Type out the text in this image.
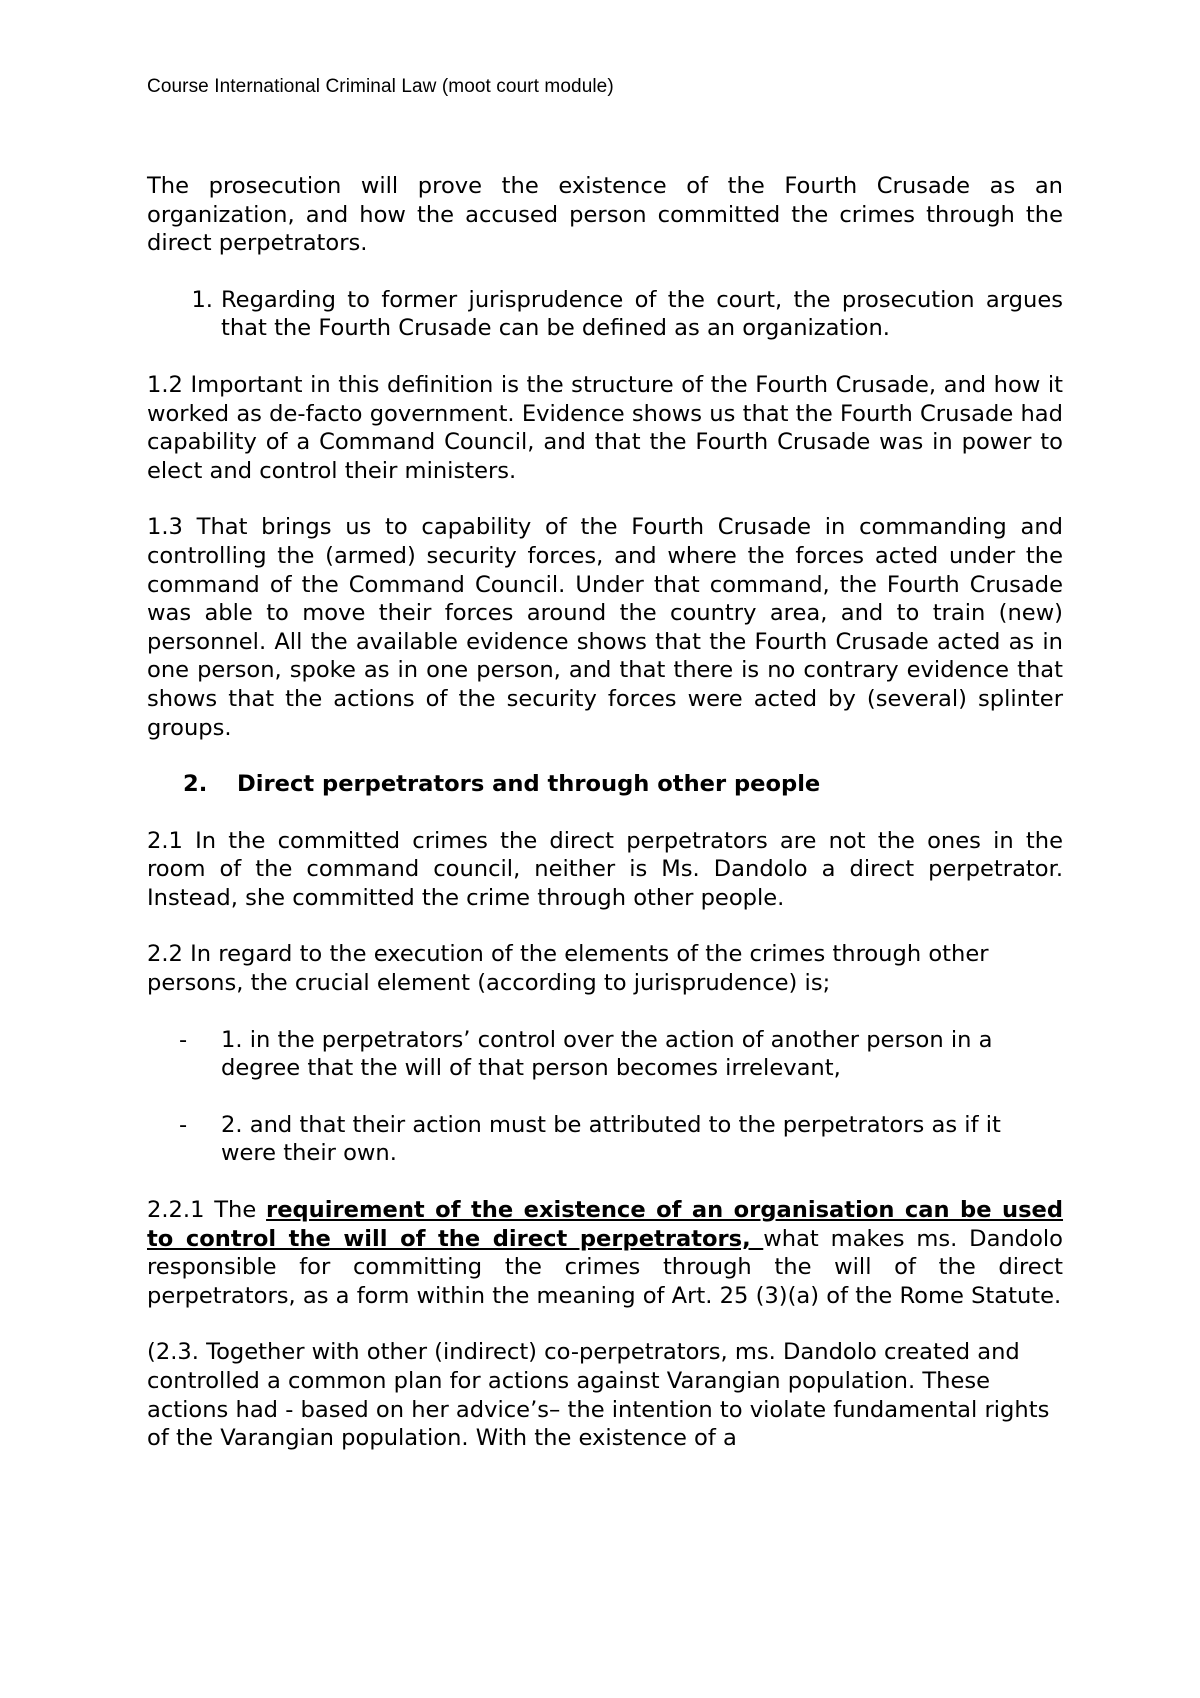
Course International Criminal Law (moot court module)

The prosecution will prove the existence of the Fourth Crusade as an organization, and how the accused person committed the crimes through the direct perpetrators.

1. Regarding to former jurisprudence of the court, the prosecution argues that the Fourth Crusade can be defined as an organization.

1.2 Important in this definition is the structure of the Fourth Crusade, and how it worked as de-facto government. Evidence shows us that the Fourth Crusade had capability of a Command Council, and that the Fourth Crusade was in power to elect and control their ministers.

1.3 That brings us to capability of the Fourth Crusade in commanding and controlling the (armed) security forces, and where the forces acted under the command of the Command Council. Under that command, the Fourth Crusade was able to move their forces around the country area, and to train (new) personnel. All the available evidence shows that the Fourth Crusade acted as in one person, spoke as in one person, and that there is no contrary evidence that shows that the actions of the security forces were acted by (several) splinter groups.

2.	Direct perpetrators and through other people

2.1 In the committed crimes the direct perpetrators are not the ones in the room of the command council, neither is Ms. Dandolo a direct perpetrator. Instead, she committed the crime through other people.

2.2 In regard to the execution of the elements of the crimes through other persons, the crucial element (according to jurisprudence) is;

-	1. in the perpetrators’ control over the action of another person in a degree that the will of that person becomes irrelevant,
-	2. and that their action must be attributed to the perpetrators as if it were their own.

2.2.1 The requirement of the existence of an organisation can be used to control the will of the direct perpetrators, what makes ms. Dandolo responsible for committing the crimes through the will of the direct perpetrators, as a form within the meaning of Art. 25 (3)(a) of the Rome Statute.

(2.3. Together with other (indirect) co-perpetrators, ms. Dandolo created and controlled a common plan for actions against Varangian population. These actions had - based on her advice’s– the intention to violate fundamental rights of the Varangian population. With the existence of a
